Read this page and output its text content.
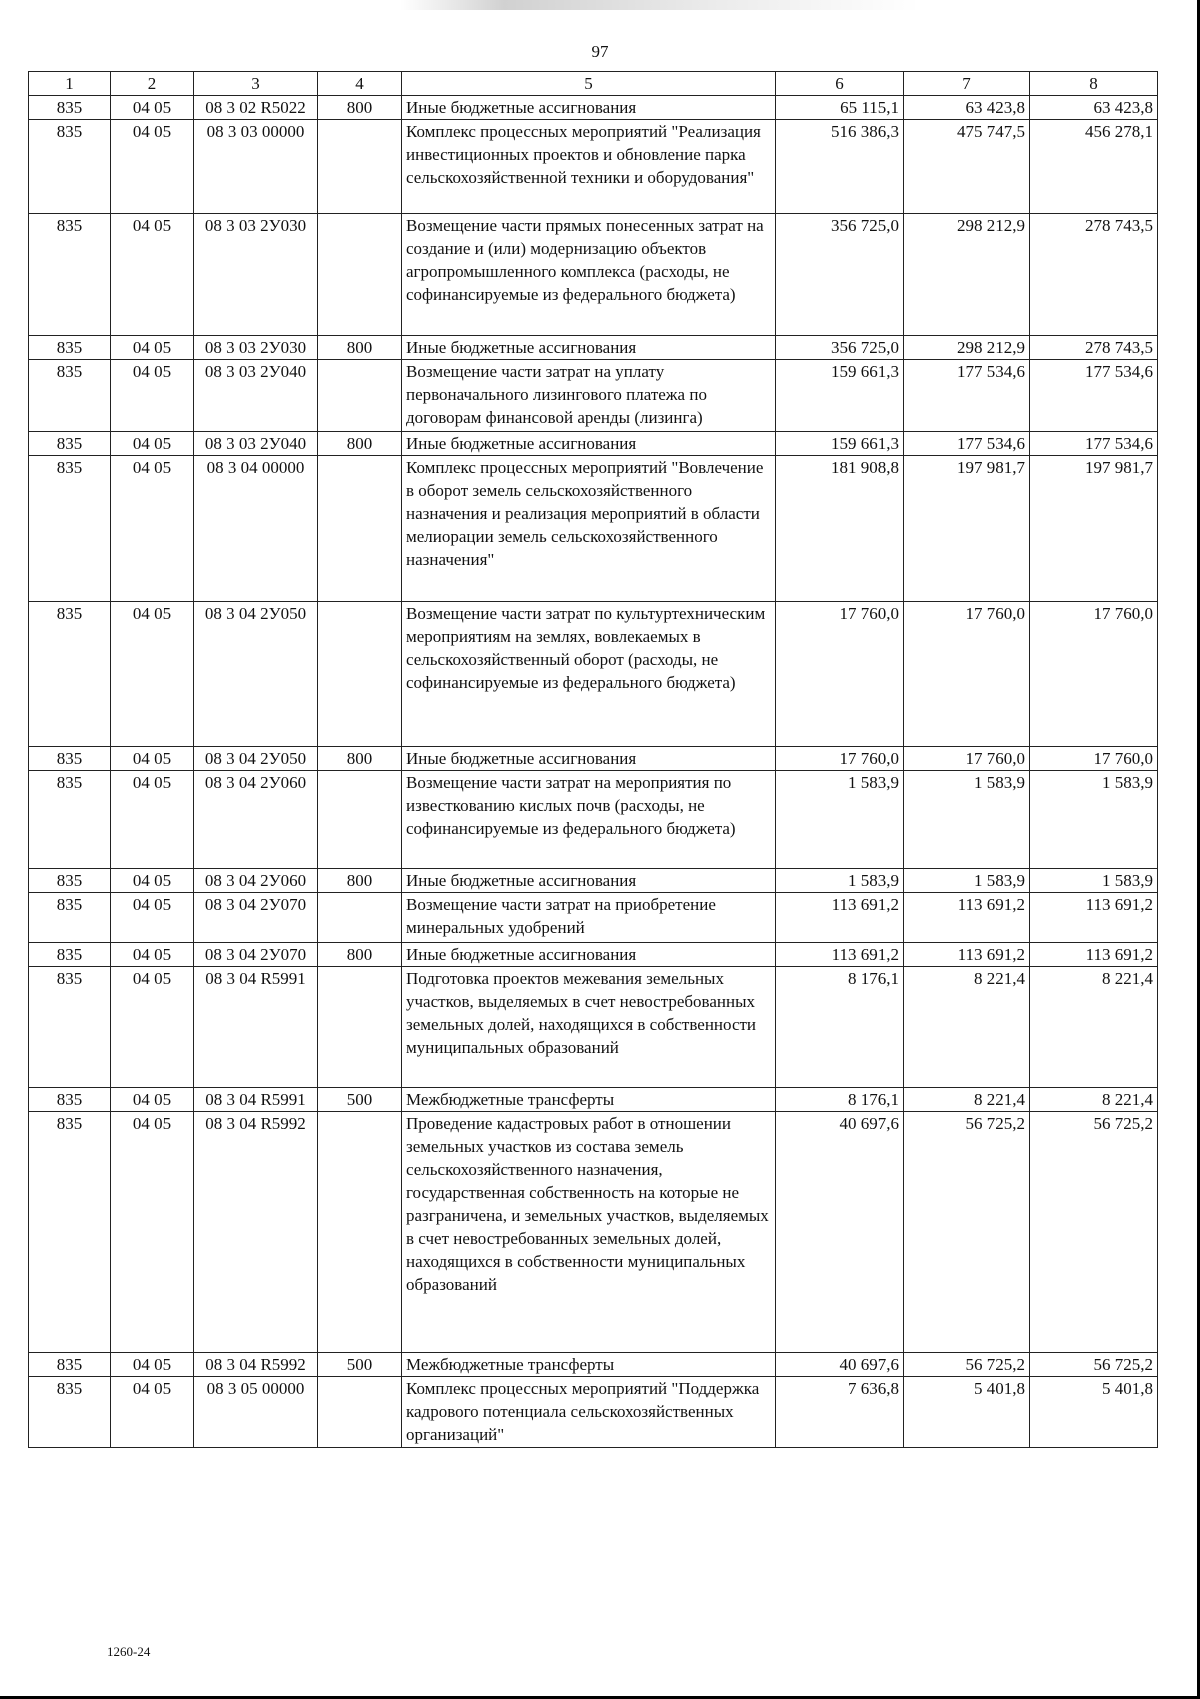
97
1	2	3	4	5	6	7	8
835	04 05	08 3 02 R5022	800	Иные бюджетные ассигнования	65 115,1	63 423,8	63 423,8
835	04 05	08 3 03 00000		Комплекс процессных мероприятий "Реализация инвестиционных проектов и обновление парка сельскохозяйственной техники и оборудования"	516 386,3	475 747,5	456 278,1
835	04 05	08 3 03 2У030		Возмещение части прямых понесенных затрат на создание и (или) модернизацию объектов агропромышленного комплекса (расходы, не софинансируемые из федерального бюджета)	356 725,0	298 212,9	278 743,5
835	04 05	08 3 03 2У030	800	Иные бюджетные ассигнования	356 725,0	298 212,9	278 743,5
835	04 05	08 3 03 2У040		Возмещение части затрат на уплату первоначального лизингового платежа по договорам финансовой аренды (лизинга)	159 661,3	177 534,6	177 534,6
835	04 05	08 3 03 2У040	800	Иные бюджетные ассигнования	159 661,3	177 534,6	177 534,6
835	04 05	08 3 04 00000		Комплекс процессных мероприятий "Вовлечение в оборот земель сельскохозяйственного назначения и реализация мероприятий в области мелиорации земель сельскохозяйственного назначения"	181 908,8	197 981,7	197 981,7
835	04 05	08 3 04 2У050		Возмещение части затрат по культуртехническим мероприятиям на землях, вовлекаемых в сельскохозяйственный оборот (расходы, не софинансируемые из федерального бюджета)	17 760,0	17 760,0	17 760,0
835	04 05	08 3 04 2У050	800	Иные бюджетные ассигнования	17 760,0	17 760,0	17 760,0
835	04 05	08 3 04 2У060		Возмещение части затрат на мероприятия по известкованию кислых почв (расходы, не софинансируемые из федерального бюджета)	1 583,9	1 583,9	1 583,9
835	04 05	08 3 04 2У060	800	Иные бюджетные ассигнования	1 583,9	1 583,9	1 583,9
835	04 05	08 3 04 2У070		Возмещение части затрат на приобретение минеральных удобрений	113 691,2	113 691,2	113 691,2
835	04 05	08 3 04 2У070	800	Иные бюджетные ассигнования	113 691,2	113 691,2	113 691,2
835	04 05	08 3 04 R5991		Подготовка проектов межевания земельных участков, выделяемых в счет невостребованных земельных долей, находящихся в собственности муниципальных образований	8 176,1	8 221,4	8 221,4
835	04 05	08 3 04 R5991	500	Межбюджетные трансферты	8 176,1	8 221,4	8 221,4
835	04 05	08 3 04 R5992		Проведение кадастровых работ в отношении земельных участков из состава земель сельскохозяйственного назначения, государственная собственность на которые не разграничена, и земельных участков, выделяемых в счет невостребованных земельных долей, находящихся в собственности муниципальных образований	40 697,6	56 725,2	56 725,2
835	04 05	08 3 04 R5992	500	Межбюджетные трансферты	40 697,6	56 725,2	56 725,2
835	04 05	08 3 05 00000		Комплекс процессных мероприятий "Поддержка кадрового потенциала сельскохозяйственных организаций"	7 636,8	5 401,8	5 401,8
1260-24
